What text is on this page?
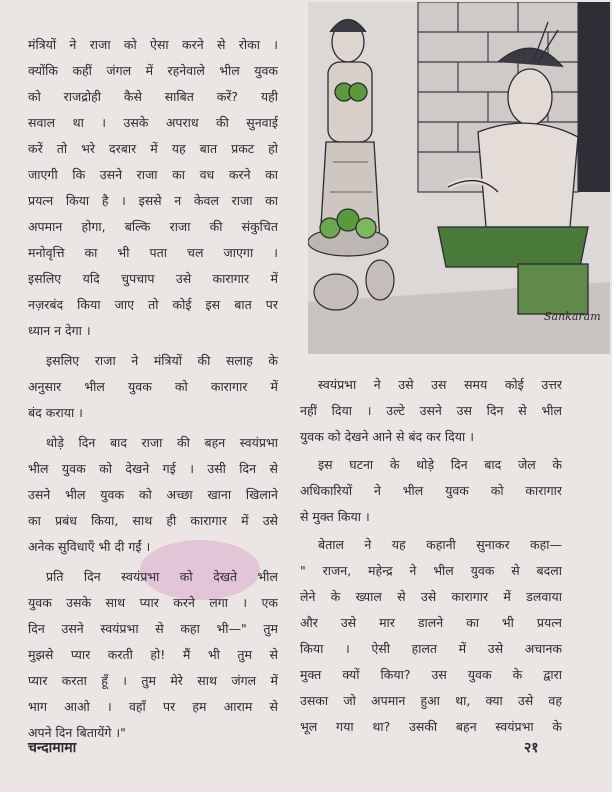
Sankaram
मंत्रियों ने राजा को ऐसा करने से रोका ।
क्योंकि कहीं जंगल में रहनेवाले भील युवक
को राजद्रोही कैसे साबित करें? यही
सवाल था । उसके अपराध की सुनवाई
करें तो भरे दरबार में यह बात प्रकट हो
जाएगी कि उसने राजा का वध करने का
प्रयत्न किया है । इससे न केवल राजा का
अपमान होगा, बल्कि राजा की संकुचित
मनोवृत्ति का भी पता चल जाएगा ।
इसलिए यदि चुपचाप उसे कारागार में
नज़रबंद किया जाए तो कोई इस बात पर
ध्यान न देगा ।
इसलिए राजा ने मंत्रियों की सलाह के
अनुसार भील युवक को कारागार में
बंद कराया ।
थोड़े दिन बाद राजा की बहन स्वयंप्रभा
भील युवक को देखने गई । उसी दिन से
उसने भील युवक को अच्छा खाना खिलाने
का प्रबंध किया, साथ ही कारागार में उसे
अनेक सुविधाएँ भी दी गईं ।
प्रति दिन स्वयंप्रभा को देखते भील
युवक उसके साथ प्यार करने लगा । एक
दिन उसने स्वयंप्रभा से कहा भी—" तुम
मुझसे प्यार करती हो! मैं भी तुम से
प्यार करता हूँ । तुम मेरे साथ जंगल में
भाग आओ । वहाँ पर हम आराम से
अपने दिन बितायेंगे ।"
स्वयंप्रभा ने उसे उस समय कोई उत्तर
नहीं दिया । उल्टे उसने उस दिन से भील
युवक को देखने आने से बंद कर दिया ।
इस घटना के थोड़े दिन बाद जेल के
अधिकारियों ने भील युवक को कारागार
से मुक्त किया ।
बेताल ने यह कहानी सुनाकर कहा—
" राजन, महेन्द्र ने भील युवक से बदला
लेने के ख्याल से उसे कारागार में डलवाया
और उसे मार डालने का भी प्रयत्न
किया । ऐसी हालत में उसे अचानक
मुक्त क्यों किया? उस युवक के द्वारा
उसका जो अपमान हुआ था, क्या उसे वह
भूल गया था? उसकी बहन स्वयंप्रभा के
चन्दामामा	२१
